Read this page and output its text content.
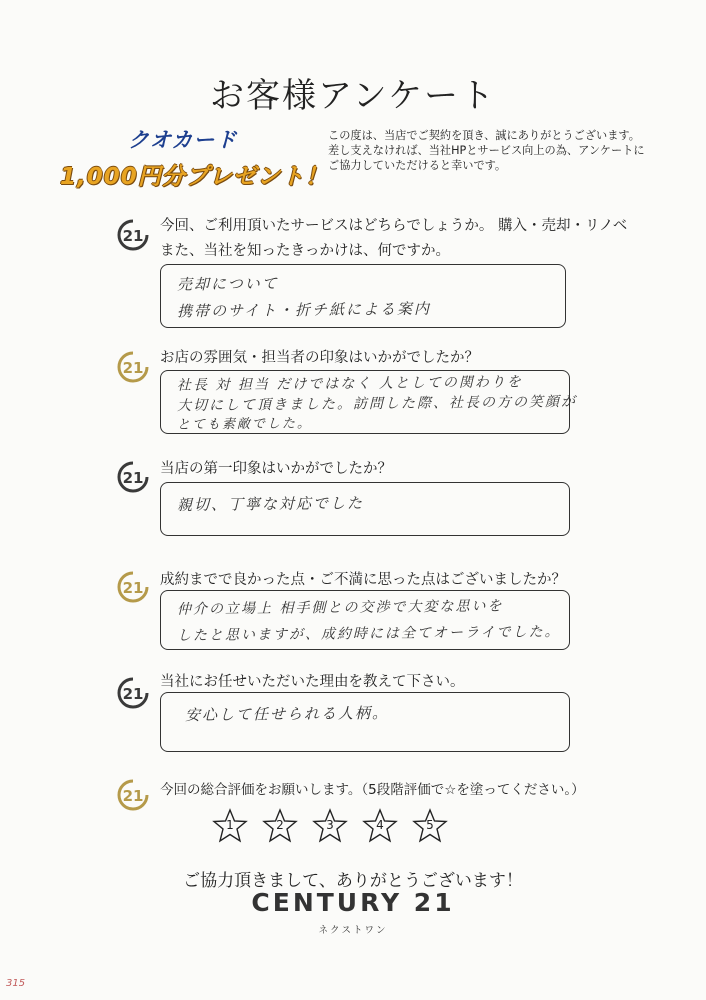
お客様アンケート
クオカード
1,000円分プレゼント！
この度は、当店でご契約を頂き、誠にありがとうございます。
差し支えなければ、当社HPとサービス向上の為、アンケートに
ご協力していただけると幸いです。
21
今回、ご利用頂いたサービスはどちらでしょうか。 購入・売却・リノベ
また、当社を知ったきっかけは、何ですか。
売却について
携帯のサイト・折チ紙による案内
21
お店の雰囲気・担当者の印象はいかがでしたか？
社長 対 担当 だけではなく 人としての関わりを
大切にして頂きました。訪問した際、社長の方の笑顔が
とても素敵でした。
21 当店の第一印象はいかがでしたか？
親切、丁寧な対応でした
21 成約までで良かった点・ご不満に思った点はございましたか？
仲介の立場上 相手側との交渉で大変な思いを
したと思いますが、成約時には全てオーライでした。
21
当社にお任せいただいた理由を教えて下さい。
安心して任せられる人柄。
21 今回の総合評価をお願いします。（5段階評価で☆を塗ってください。）
1	2	3	4	5
ご協力頂きまして、ありがとうございます！
CENTURY 21
ネクストワン
315
